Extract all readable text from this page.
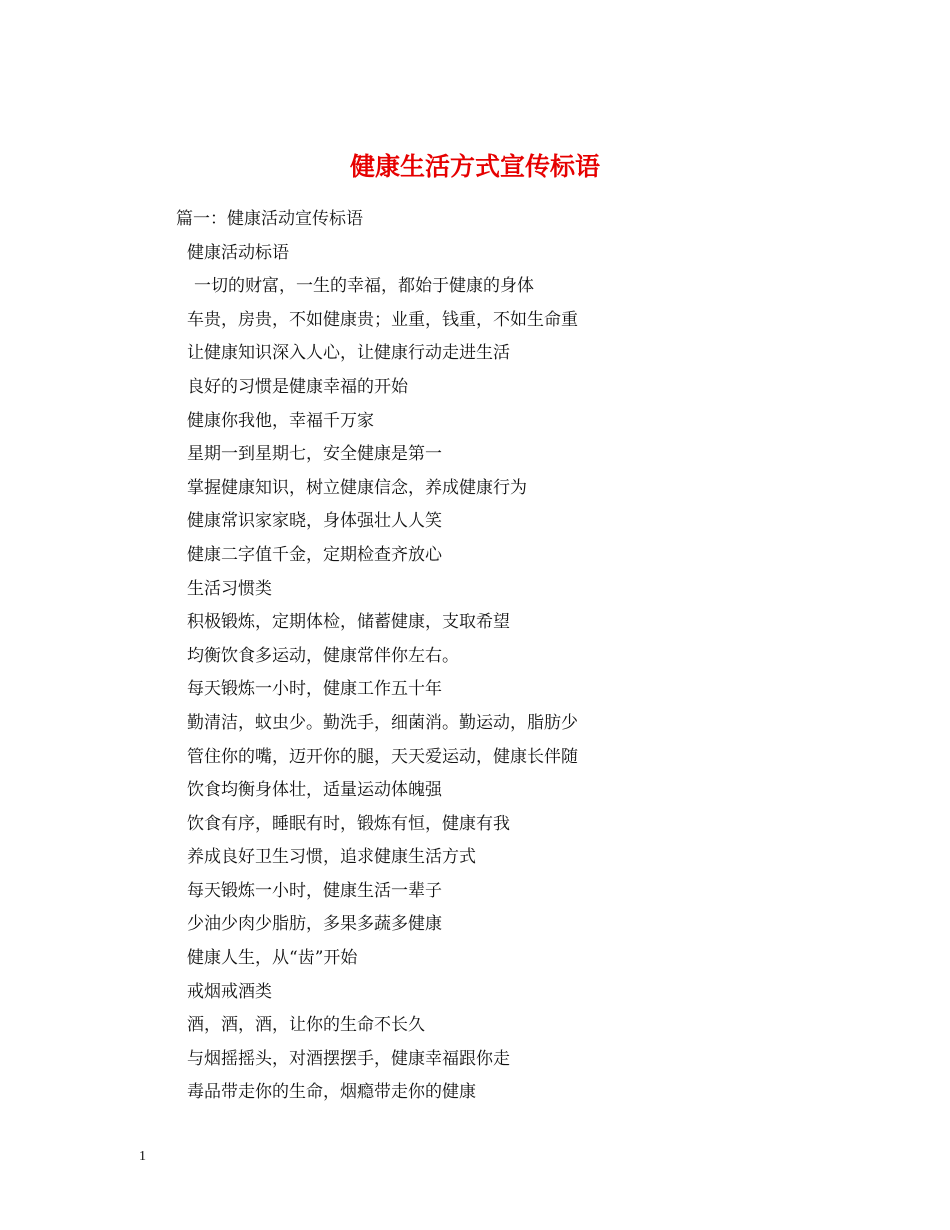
健康生活方式宣传标语
篇一：健康活动宣传标语
健康活动标语
一切的财富，一生的幸福，都始于健康的身体
车贵，房贵，不如健康贵；业重，钱重，不如生命重
让健康知识深入人心，让健康行动走进生活
良好的习惯是健康幸福的开始
健康你我他，幸福千万家
星期一到星期七，安全健康是第一
掌握健康知识，树立健康信念，养成健康行为
健康常识家家晓，身体强壮人人笑
健康二字值千金，定期检查齐放心
生活习惯类
积极锻炼，定期体检，储蓄健康，支取希望
均衡饮食多运动，健康常伴你左右。
每天锻炼一小时，健康工作五十年
勤清洁，蚊虫少。勤洗手，细菌消。勤运动，脂肪少
管住你的嘴，迈开你的腿，天天爱运动，健康长伴随
饮食均衡身体壮，适量运动体魄强
饮食有序，睡眠有时，锻炼有恒，健康有我
养成良好卫生习惯，追求健康生活方式
每天锻炼一小时，健康生活一辈子
少油少肉少脂肪，多果多蔬多健康
健康人生，从“齿”开始
戒烟戒酒类
酒，酒，酒，让你的生命不长久
与烟摇摇头，对酒摆摆手，健康幸福跟你走
毒品带走你的生命，烟瘾带走你的健康
1
